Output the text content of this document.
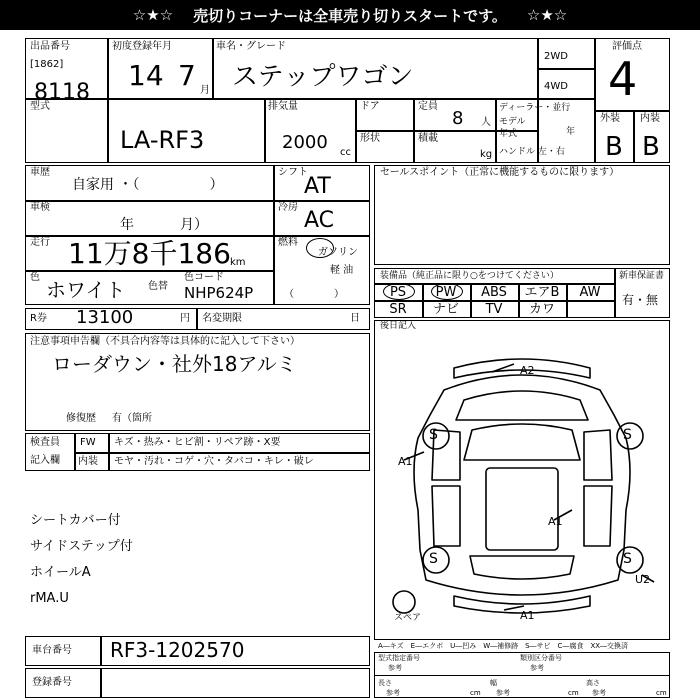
☆★☆ 売切りコーナーは全車売り切りスタートです。 ☆★☆
出品番号
[1862]
8118
初度登録年月
14 7 月
車名・グレード
ステップワゴン
2WD
4WD
評価点
4
外装 内装
B B
型式
LA-RF3
排気量
2000 cc
ドア
形状
定員
8 人
積載
kg
ディーラー・並行
モデル
年式	年
ハンドル 左・右
車歴
自家用 ・（　　　　　）
車検
年	月）
走行 11万8千186 km
色
ホワイト 色替
色コード
NHP624P
シフト
AT
冷房
AC
燃料
ガソリン
軽 油
（　　　　）
セールスポイント（正常に機能するものに限ります）
装備品（純正品に限り○をつけてください）	新車保証書
PS	PW	ABS	エアB	AW
SR	ナビ	TV	カワ
有・無
R券 13100	円 名変期限	日
注意事項申告欄（不具合内容等は具体的に記入して下さい）
ローダウン・社外18アルミ
修復歴 有（箇所
検査員
記入欄
FW キズ・热み・ヒビ割・リペア跡・X要
内装 モヤ・汚れ・コゲ・穴・タバコ・キレ・破レ
シートカバー付
サイドステップ付
ホイールA
rMA.U
後日記入
A2
A1
A1
U2
A1
S	S
S	S
スペア
A―キズ　E―エクボ　U―凹み　W―補修跡　S―サビ　C―腐食　XX―交換済
車台番号 RF3-1202570
登録番号
型式指定番号
参考
類別区分番号
参考
長さ
参考	cm
幅
参考	cm
高さ
参考	cm
